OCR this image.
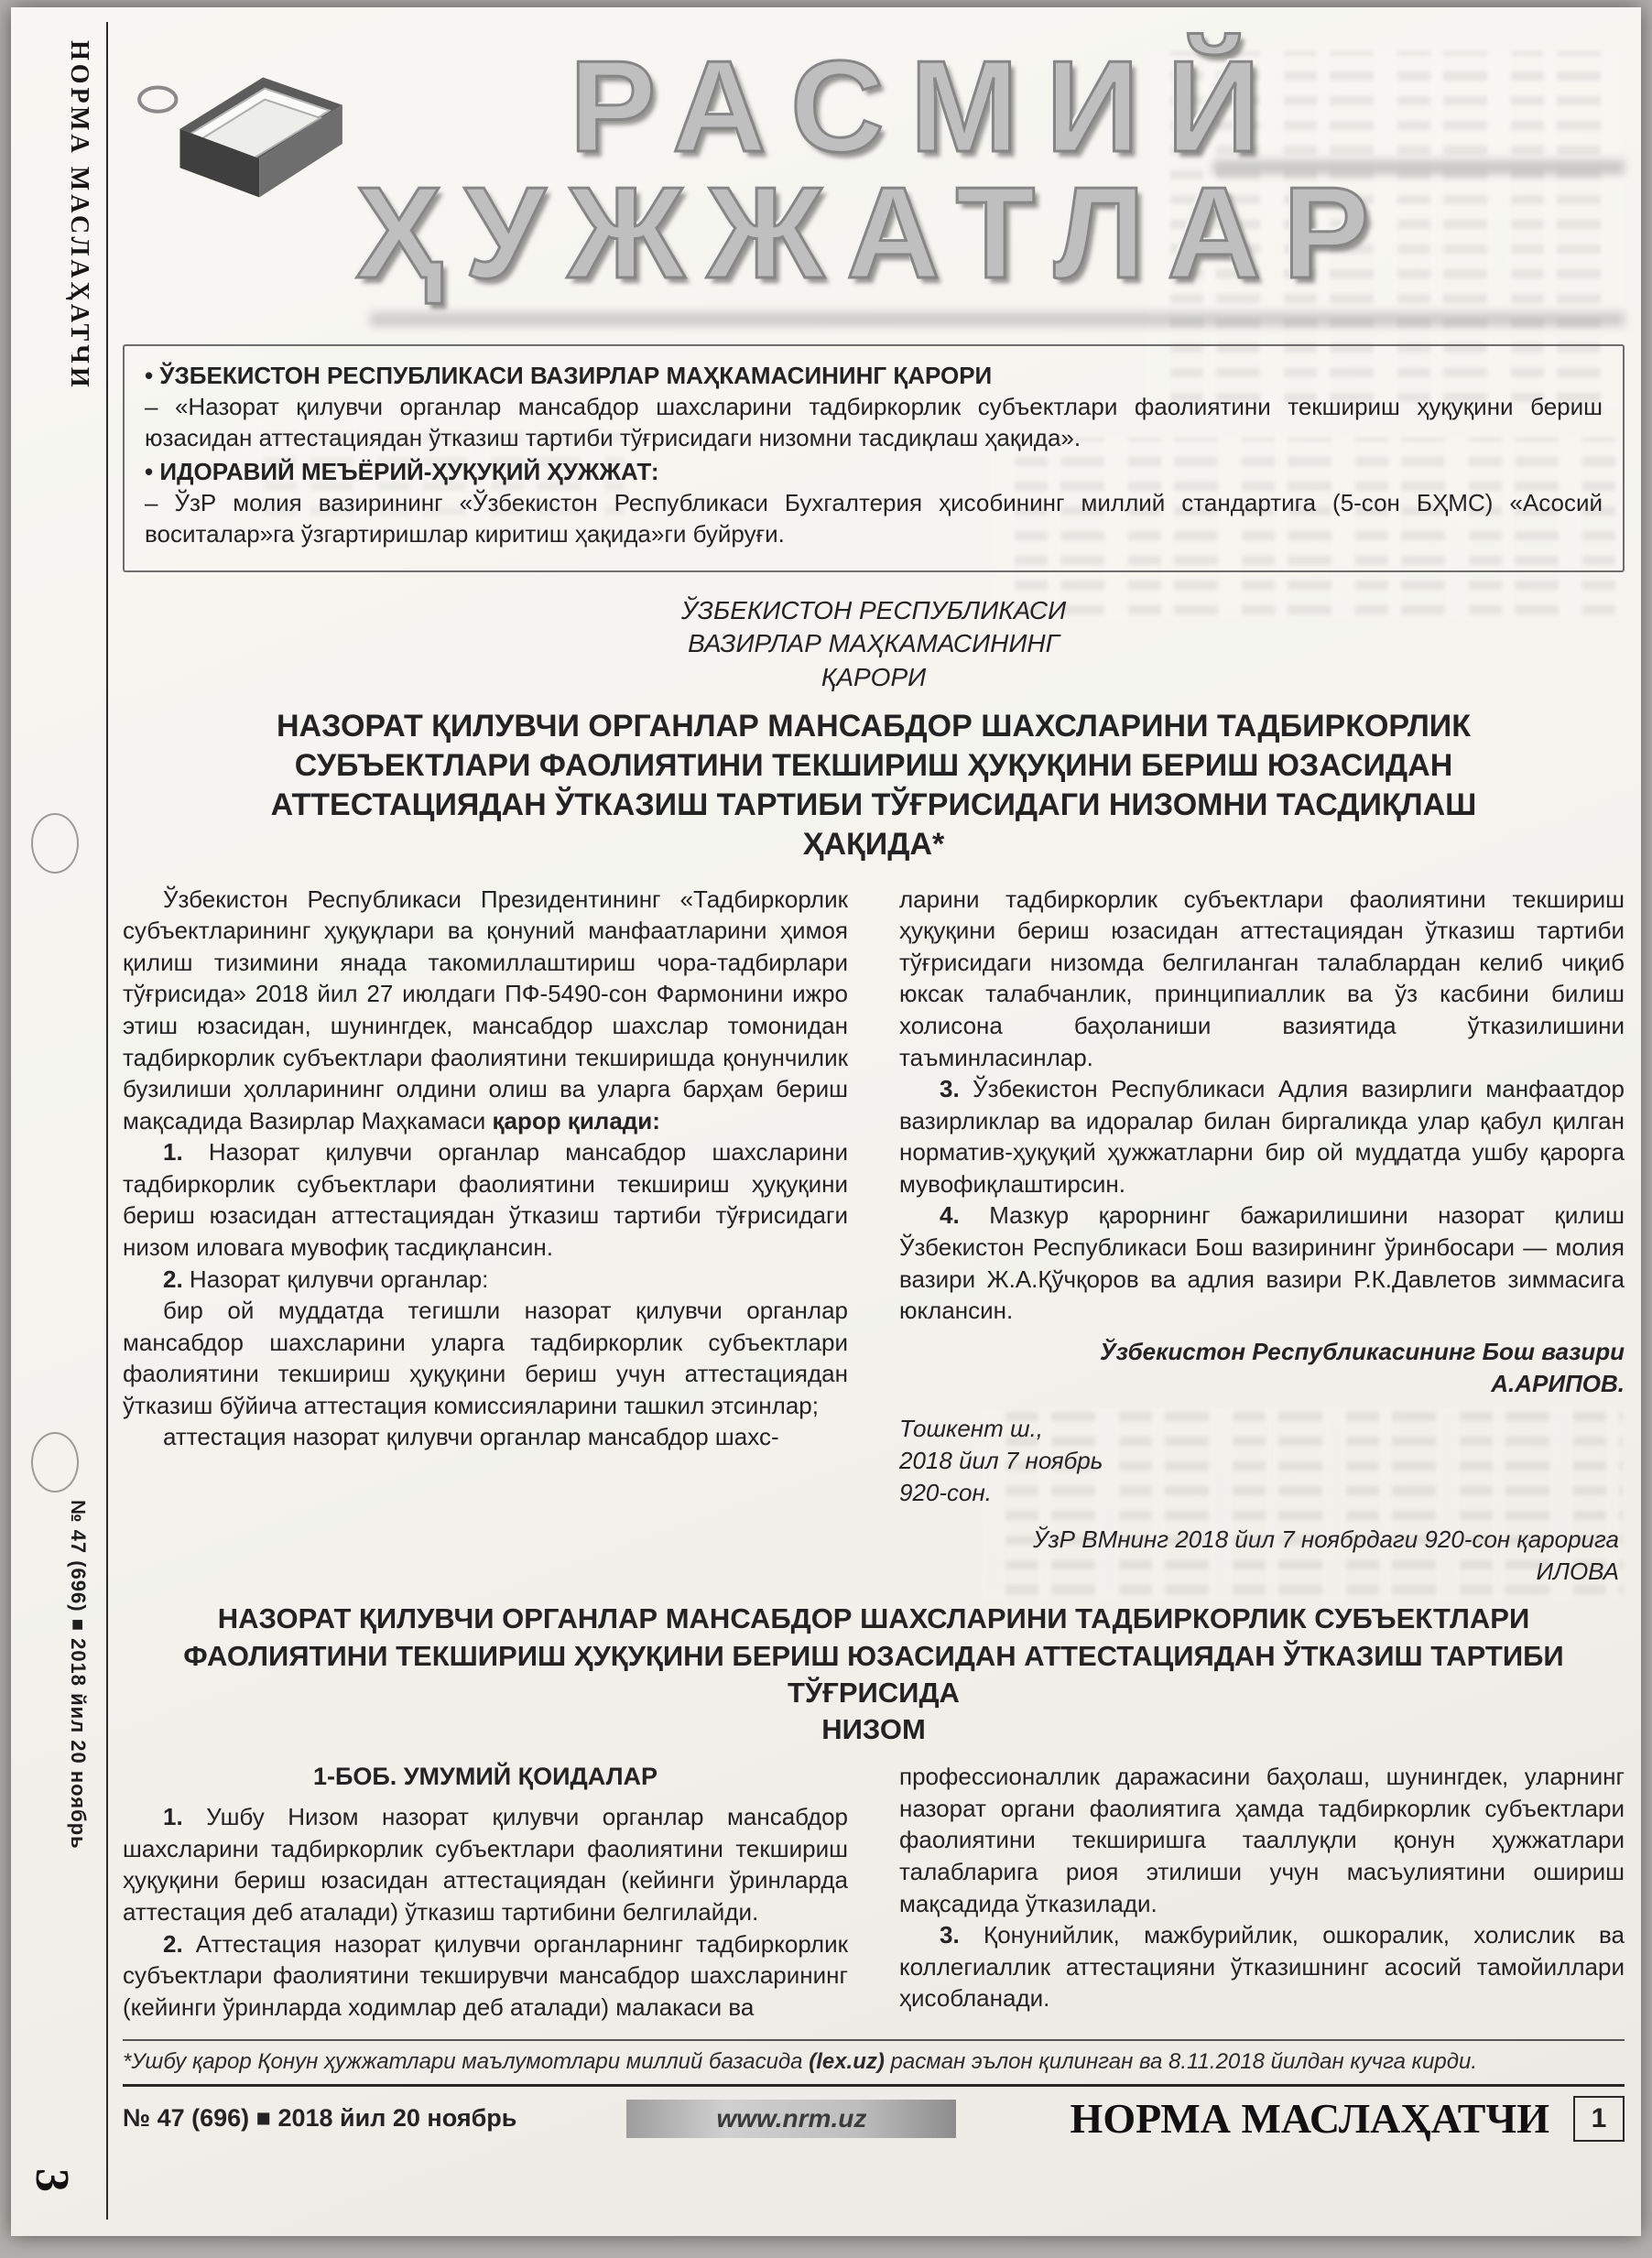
НОРМА МАСЛАҲАТЧИ
№ 47 (696) ■ 2018 йил 20 ноябрь
3
РАСМИЙ
ҲУЖЖАТЛАР
• ЎЗБЕКИСТОН РЕСПУБЛИКАСИ ВАЗИРЛАР МАҲКАМАСИНИНГ ҚАРОРИ
– «Назорат қилувчи органлар мансабдор шахсларини тадбиркорлик субъектлари фаолиятини текшириш ҳуқуқини бериш юзасидан аттестациядан ўтказиш тартиби тўғрисидаги низомни тасдиқлаш ҳақида».
• ИДОРАВИЙ МЕЪЁРИЙ-ҲУҚУҚИЙ ҲУЖЖАТ:
– ЎзР молия вазирининг «Ўзбекистон Республикаси Бухгалтерия ҳисобининг миллий стандартига (5-сон БҲМС) «Асосий воситалар»га ўзгартиришлар киритиш ҳақида»ги буйруғи.
ЎЗБЕКИСТОН РЕСПУБЛИКАСИ
ВАЗИРЛАР МАҲКАМАСИНИНГ
ҚАРОРИ
НАЗОРАТ ҚИЛУВЧИ ОРГАНЛАР МАНСАБДОР ШАХСЛАРИНИ ТАДБИРКОРЛИК СУБЪЕКТЛАРИ ФАОЛИЯТИНИ ТЕКШИРИШ ҲУҚУҚИНИ БЕРИШ ЮЗАСИДАН АТТЕСТАЦИЯДАН ЎТКАЗИШ ТАРТИБИ ТЎҒРИСИДАГИ НИЗОМНИ ТАСДИҚЛАШ ҲАҚИДА*

Ўзбекистон Республикаси Президентининг «Тадбиркорлик субъектларининг ҳуқуқлари ва қонуний манфаатларини ҳимоя қилиш тизимини янада такомиллаштириш чора-тадбирлари тўғрисида» 2018 йил 27 июлдаги ПФ-5490-сон Фармонини ижро этиш юзасидан, шунингдек, мансабдор шахслар томонидан тадбиркорлик субъектлари фаолиятини текширишда қонунчилик бузилиши ҳолларининг олдини олиш ва уларга барҳам бериш мақсадида Вазирлар Маҳкамаси қарор қилади:

1. Назорат қилувчи органлар мансабдор шахсларини тадбиркорлик субъектлари фаолиятини текшириш ҳуқуқини бериш юзасидан аттестациядан ўтказиш тартиби тўғрисидаги низом иловага мувофиқ тасдиқлансин.

2. Назорат қилувчи органлар:

бир ой муддатда тегишли назорат қилувчи органлар мансабдор шахсларини уларга тадбиркорлик субъектлари фаолиятини текшириш ҳуқуқини бериш учун аттестациядан ўтказиш бўйича аттестация комиссияларини ташкил этсинлар;

аттестация назорат қилувчи органлар мансабдор шахс-

ларини тадбиркорлик субъектлари фаолиятини текшириш ҳуқуқини бериш юзасидан аттестациядан ўтказиш тартиби тўғрисидаги низомда белгиланган талаблардан келиб чиқиб юксак талабчанлик, принципиаллик ва ўз касбини билиш холисона баҳоланиши вазиятида ўтказилишини таъминласинлар.

3. Ўзбекистон Республикаси Адлия вазирлиги манфаатдор вазирликлар ва идоралар билан биргаликда улар қабул қилган норматив-ҳуқуқий ҳужжатларни бир ой муддатда ушбу қарорга мувофиқлаштирсин.

4. Мазкур қарорнинг бажарилишини назорат қилиш Ўзбекистон Республикаси Бош вазирининг ўринбосари — молия вазири Ж.А.Қўчқоров ва адлия вазири Р.К.Давлетов зиммасига юклансин.

Ўзбекистон Республикасининг Бош вазири
А.АРИПОВ.
Тошкент ш.,
2018 йил 7 ноябрь
920-сон.
ЎзР ВМнинг 2018 йил 7 ноябрдаги 920-сон қарорига
ИЛОВА
НАЗОРАТ ҚИЛУВЧИ ОРГАНЛАР МАНСАБДОР ШАХСЛАРИНИ ТАДБИРКОРЛИК СУБЪЕКТЛАРИ ФАОЛИЯТИНИ ТЕКШИРИШ ҲУҚУҚИНИ БЕРИШ ЮЗАСИДАН АТТЕСТАЦИЯДАН ЎТКАЗИШ ТАРТИБИ ТЎҒРИСИДА
НИЗОМ
1-БОБ. УМУМИЙ ҚОИДАЛАР

1. Ушбу Низом назорат қилувчи органлар мансабдор шахсларини тадбиркорлик субъектлари фаолиятини текшириш ҳуқуқини бериш юзасидан аттестациядан (кейинги ўринларда аттестация деб аталади) ўтказиш тартибини белгилайди.

2. Аттестация назорат қилувчи органларнинг тадбиркорлик субъектлари фаолиятини текширувчи мансабдор шахсларининг (кейинги ўринларда ходимлар деб аталади) малакаси ва

профессионаллик даражасини баҳолаш, шунингдек, уларнинг назорат органи фаолиятига ҳамда тадбиркорлик субъектлари фаолиятини текширишга тааллуқли қонун ҳужжатлари талабларига риоя этилиши учун масъулиятини ошириш мақсадида ўтказилади.

3. Қонунийлик, мажбурийлик, ошкоралик, холислик ва коллегиаллик аттестацияни ўтказишнинг асосий тамойиллари ҳисобланади.

*Ушбу қарор Қонун ҳужжатлари маълумотлари миллий базасида (lex.uz) расман эълон қилинган ва 8.11.2018 йилдан кучга кирди.
№ 47 (696) ■ 2018 йил 20 ноябрь	www.nrm.uz	НОРМА МАСЛАҲАТЧИ	1
